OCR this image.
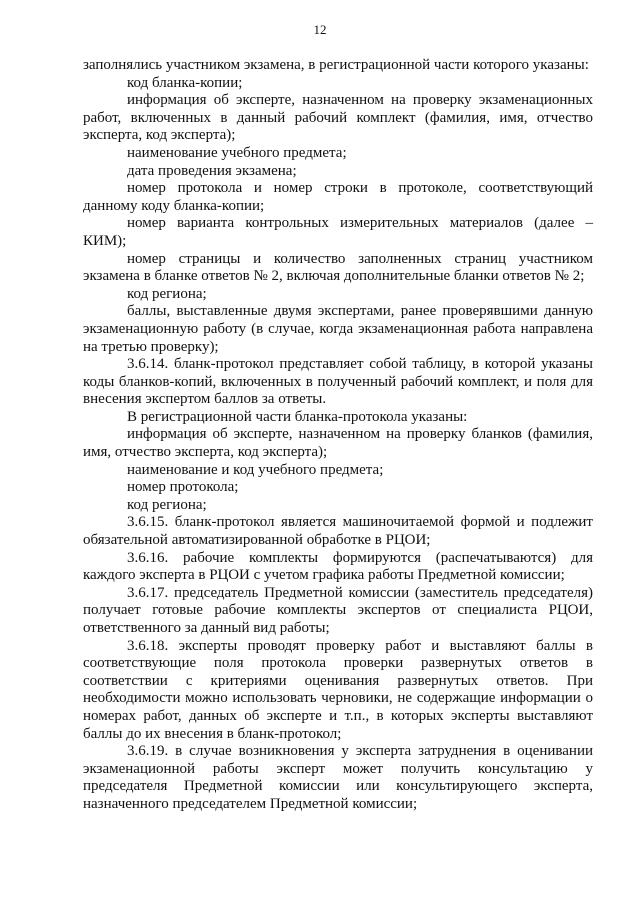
12

заполнялись участником экзамена, в регистрационной части которого указаны:

код бланка-копии;

информация об эксперте, назначенном на проверку экзаменационных работ, включенных в данный рабочий комплект (фамилия, имя, отчество эксперта, код эксперта);

наименование учебного предмета;

дата проведения экзамена;

номер протокола и номер строки в протоколе, соответствующий данному коду бланка-копии;

номер варианта контрольных измерительных материалов (далее – КИМ);

номер страницы и количество заполненных страниц участником экзамена в бланке ответов № 2, включая дополнительные бланки ответов № 2;

код региона;

баллы, выставленные двумя экспертами, ранее проверявшими данную экзаменационную работу (в случае, когда экзаменационная работа направлена на третью проверку);

3.6.14. бланк-протокол представляет собой таблицу, в которой указаны коды бланков-копий, включенных в полученный рабочий комплект, и поля для внесения экспертом баллов за ответы.

В регистрационной части бланка-протокола указаны:

информация об эксперте, назначенном на проверку бланков (фамилия, имя, отчество эксперта, код эксперта);

наименование и код учебного предмета;

номер протокола;

код региона;

3.6.15. бланк-протокол является машиночитаемой формой и подлежит обязательной автоматизированной обработке в РЦОИ;

3.6.16. рабочие комплекты формируются (распечатываются) для каждого эксперта в РЦОИ с учетом графика работы Предметной комиссии;

3.6.17. председатель Предметной комиссии (заместитель председателя) получает готовые рабочие комплекты экспертов от специалиста РЦОИ, ответственного за данный вид работы;

3.6.18. эксперты проводят проверку работ и выставляют баллы в соответствующие поля протокола проверки развернутых ответов в соответствии с критериями оценивания развернутых ответов. При необходимости можно использовать черновики, не содержащие информации о номерах работ, данных об эксперте и т.п., в которых эксперты выставляют баллы до их внесения в бланк-протокол;

3.6.19. в случае возникновения у эксперта затруднения в оценивании экзаменационной работы эксперт может получить консультацию у председателя Предметной комиссии или консультирующего эксперта, назначенного председателем Предметной комиссии;
